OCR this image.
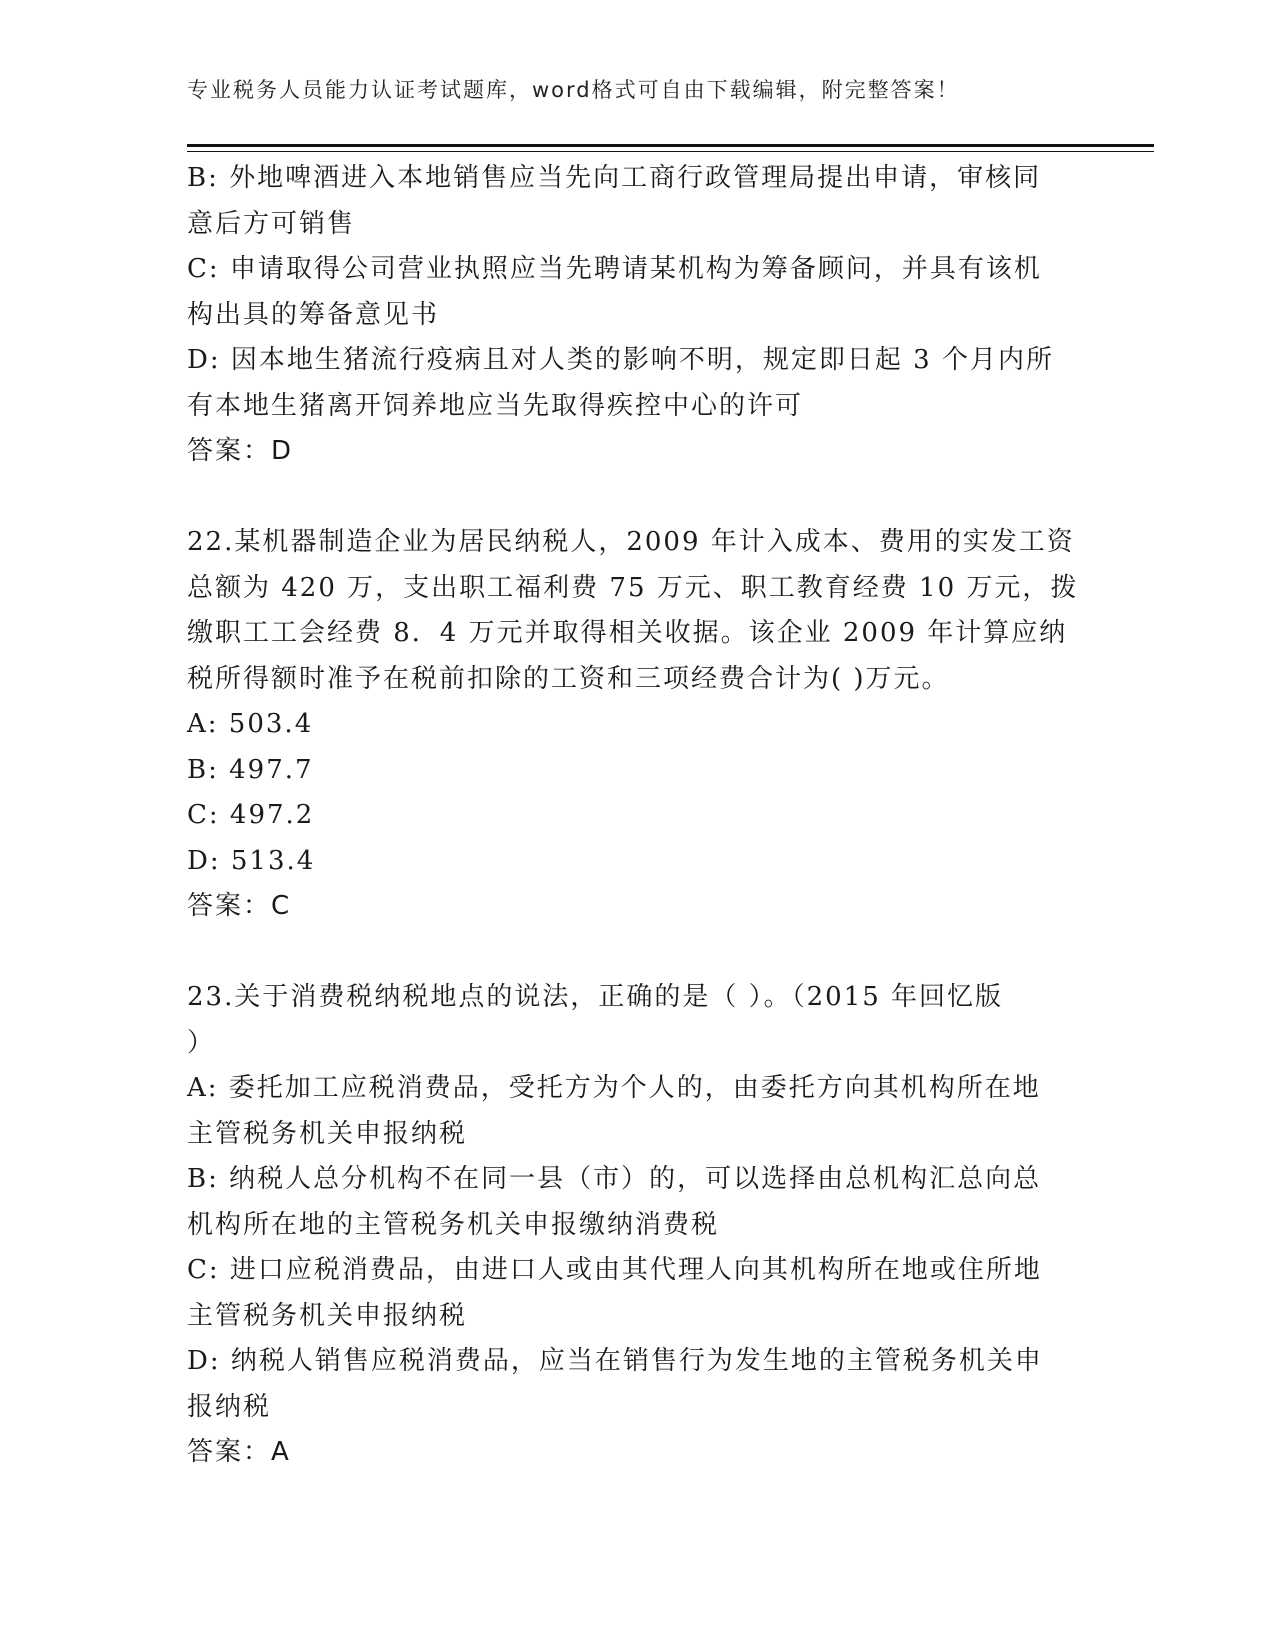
专业税务人员能力认证考试题库，word格式可自由下载编辑，附完整答案！
B: 外地啤酒进入本地销售应当先向工商行政管理局提出申请，审核同
意后方可销售
C: 申请取得公司营业执照应当先聘请某机构为筹备顾问，并具有该机
构出具的筹备意见书
D: 因本地生猪流行疫病且对人类的影响不明，规定即日起 3 个月内所
有本地生猪离开饲养地应当先取得疾控中心的许可
答案：D
22.某机器制造企业为居民纳税人，2009 年计入成本、费用的实发工资
总额为 420 万，支出职工福利费 75 万元、职工教育经费 10 万元，拨
缴职工工会经费 8．4 万元并取得相关收据。该企业 2009 年计算应纳
税所得额时准予在税前扣除的工资和三项经费合计为( )万元。
A: 503.4
B: 497.7
C: 497.2
D: 513.4
答案：C
23.关于消费税纳税地点的说法，正确的是（ ）。（2015 年回忆版
）
A: 委托加工应税消费品，受托方为个人的，由委托方向其机构所在地
主管税务机关申报纳税
B: 纳税人总分机构不在同一县（市）的，可以选择由总机构汇总向总
机构所在地的主管税务机关申报缴纳消费税
C: 进口应税消费品，由进口人或由其代理人向其机构所在地或住所地
主管税务机关申报纳税
D: 纳税人销售应税消费品，应当在销售行为发生地的主管税务机关申
报纳税
答案：A
